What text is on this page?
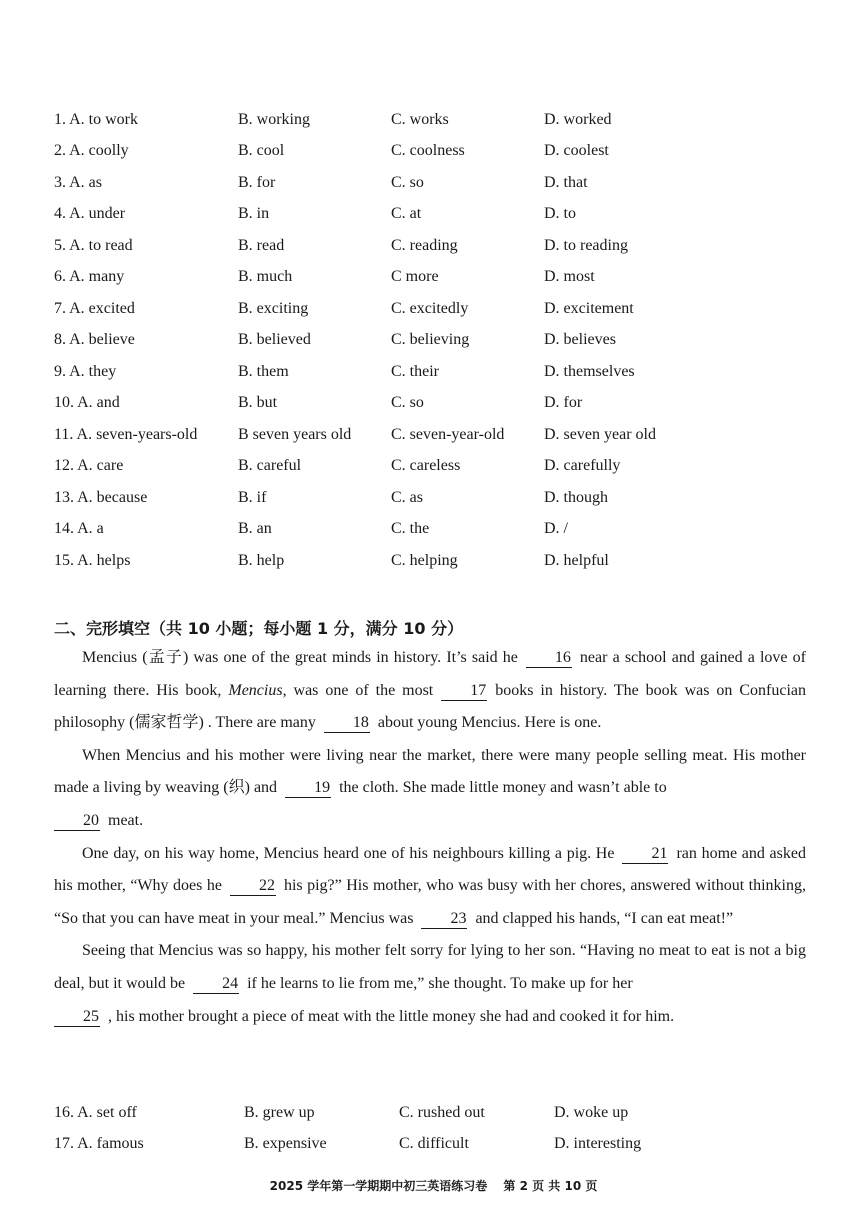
1. A. to work	B. working	C. works	D. worked
2. A. coolly	B. cool	C. coolness	D. coolest
3. A. as	B. for	C. so	D. that
4. A. under	B. in	C. at	D. to
5. A. to read	B. read	C. reading	D. to reading
6. A. many	B. much	C more	D. most
7. A. excited	B. exciting	C. excitedly	D. excitement
8. A. believe	B. believed	C. believing	D. believes
9. A. they	B. them	C. their	D. themselves
10. A. and	B. but	C. so	D. for
11. A. seven-years-old	B seven years old	C. seven-year-old	D. seven year old
12. A. care	B. careful	C. careless	D. carefully
13. A. because	B. if	C. as	D. though
14. A. a	B. an	C. the	D. /
15. A. helps	B. help	C. helping	D. helpful
二、完形填空（共 10 小题；每小题 1 分，满分 10 分）

Mencius (孟子) was one of the great minds in history. It’s said he 16 near a school and gained a love of learning there. His book, Mencius, was one of the most 17 books in history. The book was on Confucian philosophy (儒家哲学) . There are many 18 about young Mencius. Here is one.

When Mencius and his mother were living near the market, there were many people selling meat. His mother made a living by weaving (织) and 19 the cloth. She made little money and wasn’t able to
20 meat.

One day, on his way home, Mencius heard one of his neighbours killing a pig. He 21 ran home and asked his mother, “Why does he 22 his pig?” His mother, who was busy with her chores, answered without thinking, “So that you can have meat in your meal.” Mencius was 23 and clapped his hands, “I can eat meat!”

Seeing that Mencius was so happy, his mother felt sorry for lying to her son. “Having no meat to eat is not a big deal, but it would be 24 if he learns to lie from me,” she thought. To make up for her
25 , his mother brought a piece of meat with the little money she had and cooked it for him.

16. A. set off	B. grew up	C. rushed out	D. woke up
17. A. famous	B. expensive	C. difficult	D. interesting
2025 学年第一学期期中初三英语练习卷 第 2 页 共 10 页
